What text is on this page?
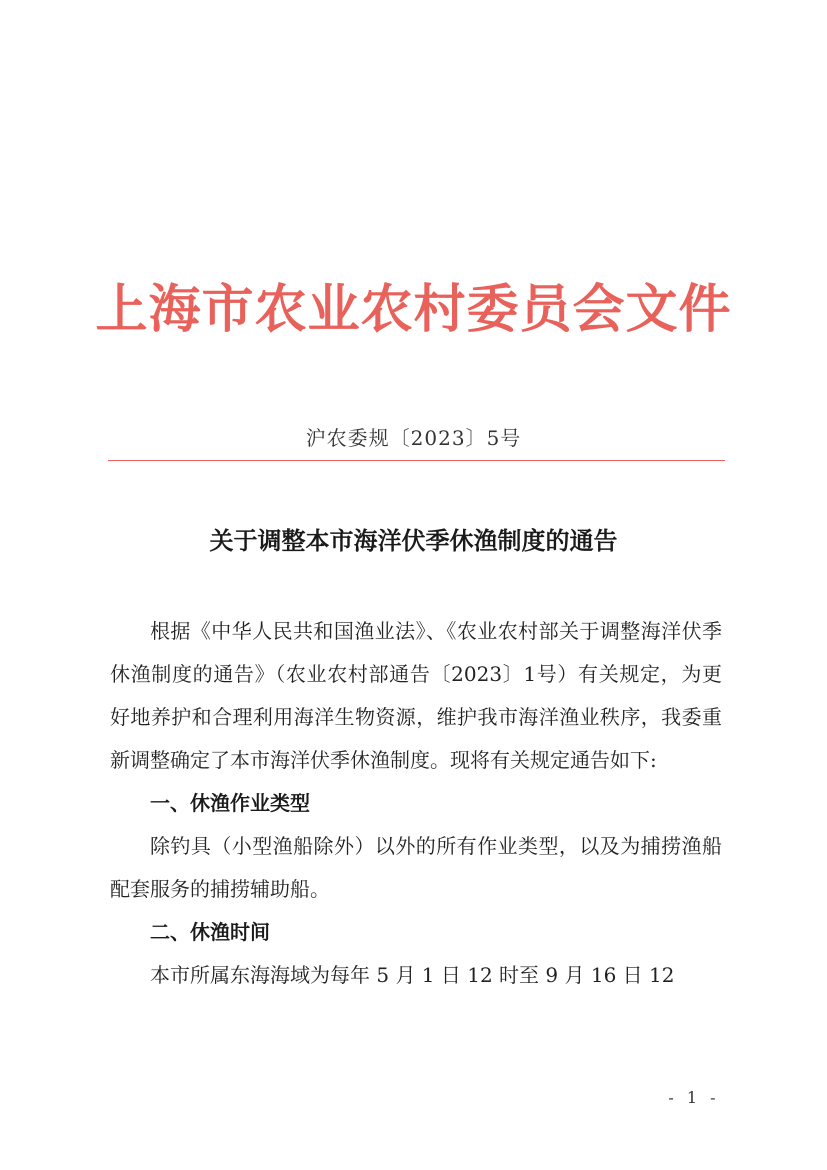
上海市农业农村委员会文件
沪农委规〔2023〕5号
关于调整本市海洋伏季休渔制度的通告

根据《中华人民共和国渔业法》、《农业农村部关于调整海洋伏季休渔制度的通告》（农业农村部通告〔2023〕1号）有关规定，为更好地养护和合理利用海洋生物资源，维护我市海洋渔业秩序，我委重新调整确定了本市海洋伏季休渔制度。现将有关规定通告如下:

一、休渔作业类型

除钓具（小型渔船除外）以外的所有作业类型，以及为捕捞渔船配套服务的捕捞辅助船。

二、休渔时间

本市所属东海海域为每年 5 月 1 日 12 时至 9 月 16 日 12

- 1 -
